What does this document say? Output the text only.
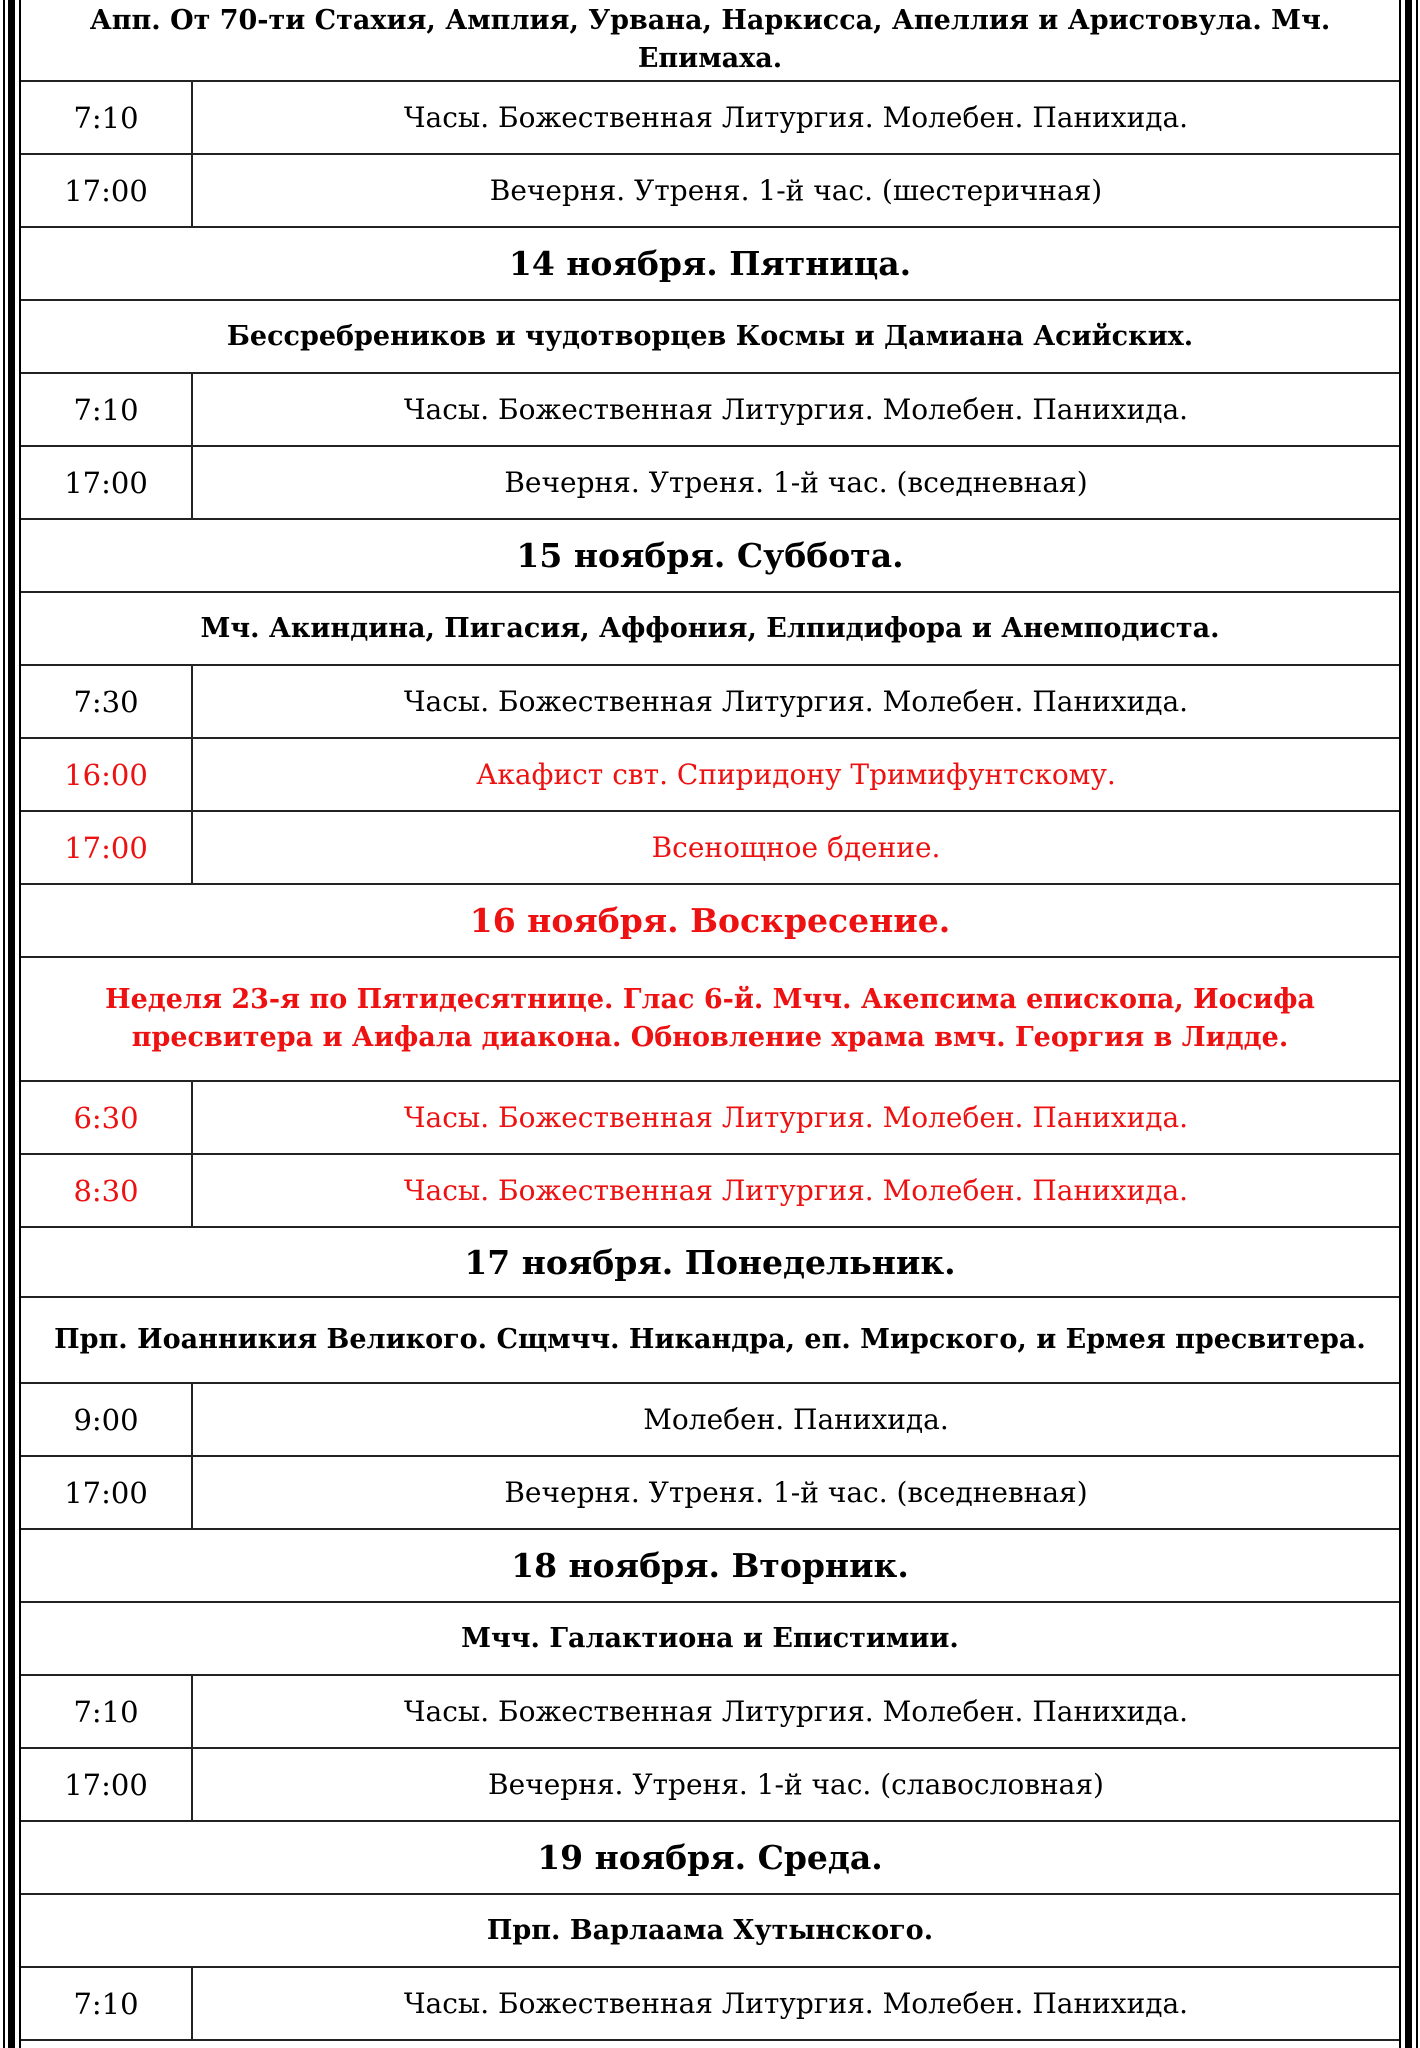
Апп. От 70-ти Стахия, Амплия, Урвана, Наркисса, Апеллия и Аристовула. Мч. Епимаха.
7:10	Часы. Божественная Литургия. Молебен. Панихида.
17:00	Вечерня. Утреня. 1-й час. (шестеричная)
14 ноября. Пятница.
Бессребреников и чудотворцев Космы и Дамиана Асийских.
7:10	Часы. Божественная Литургия. Молебен. Панихида.
17:00	Вечерня. Утреня. 1-й час. (вседневная)
15 ноября. Суббота.
Мч. Акиндина, Пигасия, Аффония, Елпидифора и Анемподиста.
7:30	Часы. Божественная Литургия. Молебен. Панихида.
16:00	Акафист свт. Спиридону Тримифунтскому.
17:00	Всенощное бдение.
16 ноября. Воскресение.
Неделя 23-я по Пятидесятнице. Глас 6-й. Мчч. Акепсима епископа, Иосифа пресвитера и Аифала диакона. Обновление храма вмч. Георгия в Лидде.
6:30	Часы. Божественная Литургия. Молебен. Панихида.
8:30	Часы. Божественная Литургия. Молебен. Панихида.
17 ноября. Понедельник.
Прп. Иоанникия Великого. Сщмчч. Никандра, еп. Мирского, и Ермея пресвитера.
9:00	Молебен. Панихида.
17:00	Вечерня. Утреня. 1-й час. (вседневная)
18 ноября. Вторник.
Мчч. Галактиона и Епистимии.
7:10	Часы. Божественная Литургия. Молебен. Панихида.
17:00	Вечерня. Утреня. 1-й час. (славословная)
19 ноября. Среда.
Прп. Варлаама Хутынского.
7:10	Часы. Божественная Литургия. Молебен. Панихида.
